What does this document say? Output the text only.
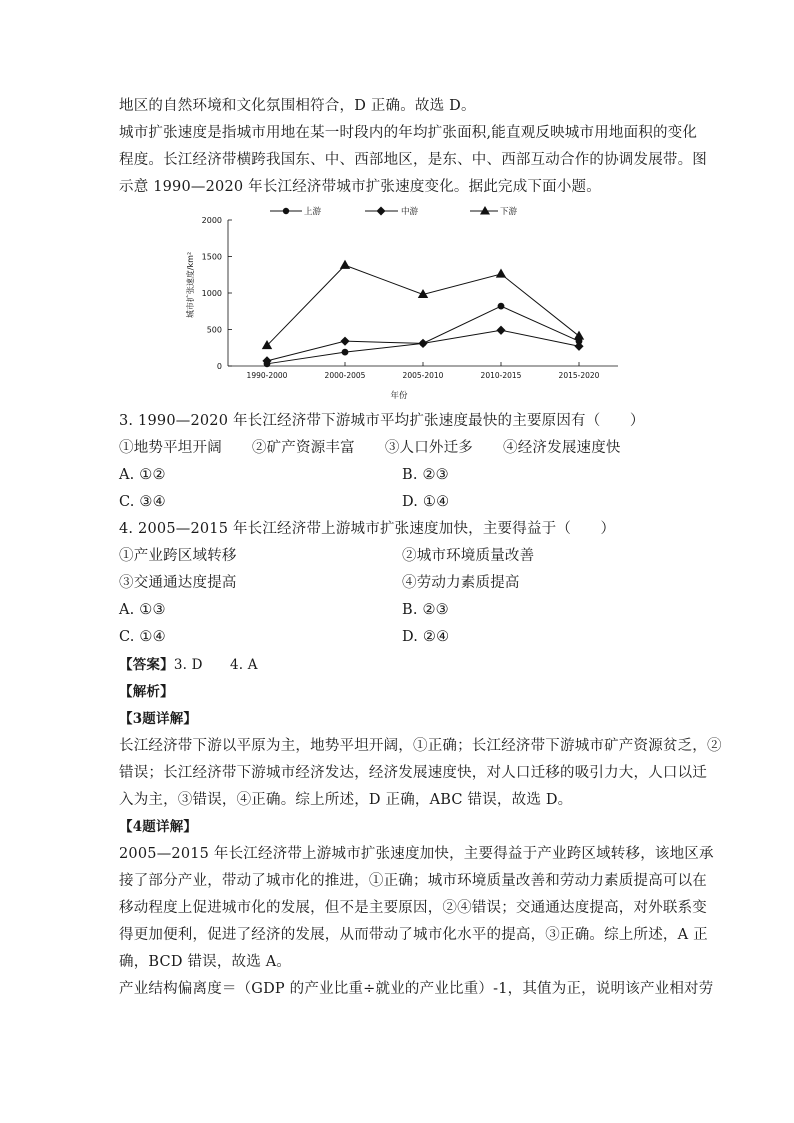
地区的自然环境和文化氛围相符合，D 正确。故选 D。
城市扩张速度是指城市用地在某一时段内的年均扩张面积,能直观反映城市用地面积的变化
程度。长江经济带横跨我国东、中、西部地区，是东、中、西部互动合作的协调发展带。图
示意 1990—2020 年长江经济带城市扩张速度变化。据此完成下面小题。
上游	中游	下游
城市扩张速度/km²
0
500
1000
1500
2000
1990-2000	2000-2005	2005-2010	2010-2015	2015-2020
年份
3. 1990—2020 年长江经济带下游城市平均扩张速度最快的主要原因有（　　）
①地势平坦开阔 ②矿产资源丰富 ③人口外迁多 ④经济发展速度快
A. ①②	B. ②③
C. ③④	D. ①④
4. 2005—2015 年长江经济带上游城市扩张速度加快，主要得益于（　　）
①产业跨区域转移	②城市环境质量改善
③交通通达度提高	④劳动力素质提高
A. ①③	B. ②③
C. ①④	D. ②④
【答案】3. D　　4. A
【解析】
【3题详解】
长江经济带下游以平原为主，地势平坦开阔，①正确；长江经济带下游城市矿产资源贫乏，②
错误；长江经济带下游城市经济发达，经济发展速度快，对人口迁移的吸引力大，人口以迁
入为主，③错误，④正确。综上所述，D 正确，ABC 错误，故选 D。
【4题详解】
2005—2015 年长江经济带上游城市扩张速度加快，主要得益于产业跨区域转移，该地区承
接了部分产业，带动了城市化的推进，①正确；城市环境质量改善和劳动力素质提高可以在
移动程度上促进城市化的发展，但不是主要原因，②④错误；交通通达度提高，对外联系变
得更加便利，促进了经济的发展，从而带动了城市化水平的提高，③正确。综上所述，A 正
确，BCD 错误，故选 A。
产业结构偏离度＝（GDP 的产业比重÷就业的产业比重）-1，其值为正，说明该产业相对劳
